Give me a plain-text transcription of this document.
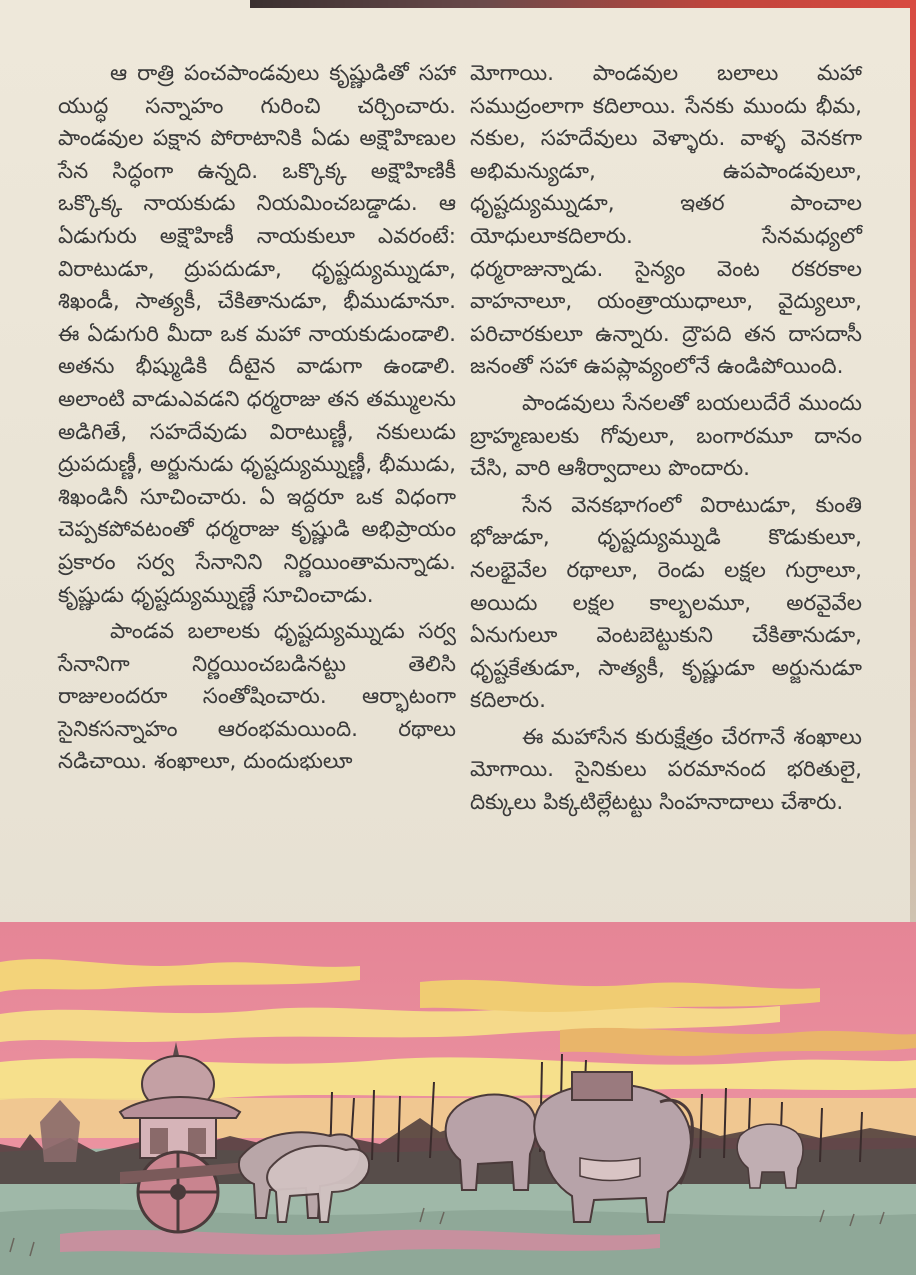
ఆ రాత్రి పంచపాండవులు కృష్ణుడితో సహా యుద్ధ సన్నాహం గురించి చర్చించారు. పాండవుల పక్షాన పోరాటానికి ఏడు అక్షౌహిణుల సేన సిద్ధంగా ఉన్నది. ఒక్కొక్క అక్షౌహిణికీ ఒక్కొక్క నాయకుడు నియమించబడ్డాడు. ఆ ఏడుగురు అక్షౌహిణీ నాయకులూ ఎవరంటే: విరాటుడూ, ద్రుపదుడూ, ధృష్టద్యుమ్నుడూ, శిఖండీ, సాత్యకీ, చేకితానుడూ, భీముడూనూ. ఈ ఏడుగురి మీదా ఒక మహా నాయకుడుండాలి. అతను భీష్ముడికి దీటైన వాడుగా ఉండాలి. అలాంటి వాడుఎవడని ధర్మరాజు తన తమ్ములను అడిగితే, సహదేవుడు విరాటుణ్ణీ, నకులుడు ద్రుపదుణ్ణీ, అర్జునుడు ధృష్టద్యుమ్నుణ్ణీ, భీముడు, శిఖండినీ సూచించారు. ఏ ఇద్దరూ ఒక విధంగా చెప్పకపోవటంతో ధర్మరాజు కృష్ణుడి అభిప్రాయం ప్రకారం సర్వ సేనానిని నిర్ణయింతామన్నాడు. కృష్ణుడు ధృష్టద్యుమ్నుణ్ణే సూచించాడు.

పాండవ బలాలకు ధృష్టద్యుమ్నుడు సర్వ సేనానిగా నిర్ణయించబడినట్టు తెలిసి రాజులందరూ సంతోషించారు. ఆర్భాటంగా సైనికసన్నాహం ఆరంభమయింది. రథాలు నడిచాయి. శంఖాలూ, దుందుభులూ

మోగాయి. పాండవుల బలాలు మహా సముద్రంలాగా కదిలాయి. సేనకు ముందు భీమ, నకుల, సహదేవులు వెళ్ళారు. వాళ్ళ వెనకగా అభిమన్యుడూ, ఉపపాండవులూ, ధృష్టద్యుమ్నుడూ, ఇతర పాంచాల యోధులూకదిలారు. సేనమధ్యలో ధర్మరాజున్నాడు. సైన్యం వెంట రకరకాల వాహనాలూ, యంత్రాయుధాలూ, వైద్యులూ, పరిచారకులూ ఉన్నారు. ద్రౌపది తన దాసదాసీ జనంతో సహా ఉపప్లావ్యంలోనే ఉండిపోయింది.

పాండవులు సేనలతో బయలుదేరే ముందు బ్రాహ్మణులకు గోవులూ, బంగారమూ దానం చేసి, వారి ఆశీర్వాదాలు పొందారు.

సేన వెనకభాగంలో విరాటుడూ, కుంతి భోజుడూ, ధృష్టద్యుమ్నుడి కొడుకులూ, నలభైవేల రథాలూ, రెండు లక్షల గుర్రాలూ, అయిదు లక్షల కాల్బలమూ, అరవైవేల ఏనుగులూ వెంటబెట్టుకుని చేకితానుడూ, ధృష్టకేతుడూ, సాత్యకీ, కృష్ణుడూ అర్జునుడూ కదిలారు.

ఈ మహాసేన కురుక్షేత్రం చేరగానే శంఖాలు మోగాయి. సైనికులు పరమానంద భరితులై, దిక్కులు పిక్కటిల్లేటట్టు సింహనాదాలు చేశారు.
